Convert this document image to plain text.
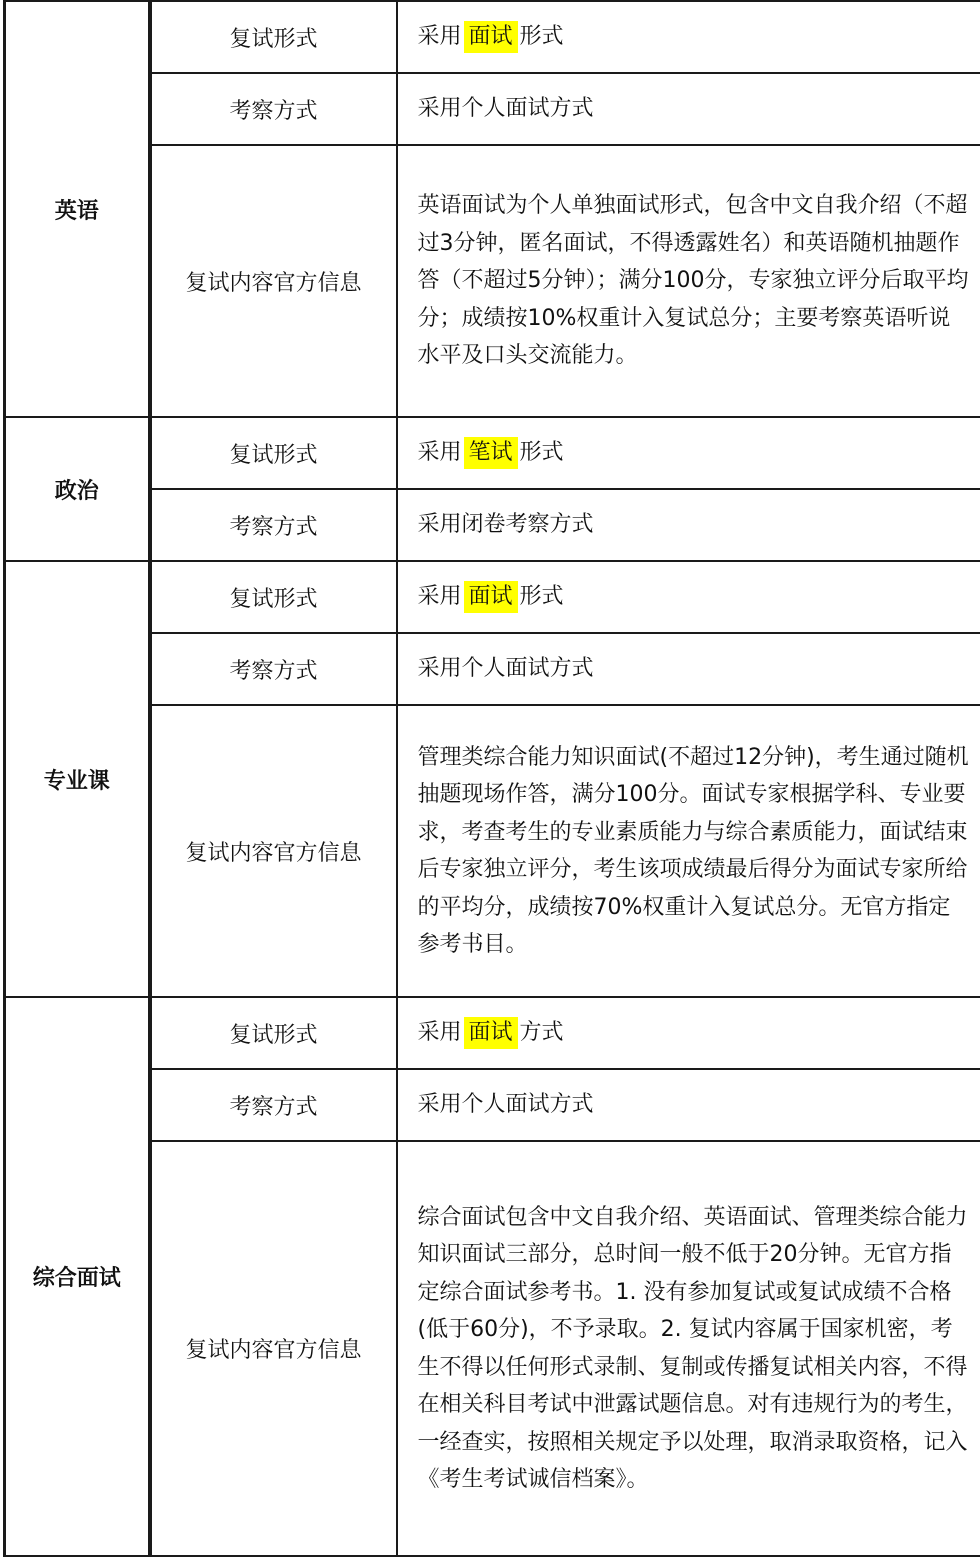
英语	复试形式	采用 面试 形式
	考察方式	采用个人面试方式
	复试内容官方信息	英语面试为个人单独面试形式，包含中文自我介绍（不超过3分钟，匿名面试，不得透露姓名）和英语随机抽题作答（不超过5分钟）；满分100分，专家独立评分后取平均分；成绩按10%权重计入复试总分；主要考察英语听说水平及口头交流能力。
政治	复试形式	采用 笔试 形式
	考察方式	采用闭卷考察方式
专业课	复试形式	采用 面试 形式
	考察方式	采用个人面试方式
	复试内容官方信息	管理类综合能力知识面试(不超过12分钟)，考生通过随机抽题现场作答，满分100分。面试专家根据学科、专业要求，考查考生的专业素质能力与综合素质能力，面试结束后专家独立评分，考生该项成绩最后得分为面试专家所给的平均分，成绩按70%权重计入复试总分。无官方指定参考书目。
综合面试	复试形式	采用 面试 方式
	考察方式	采用个人面试方式
	复试内容官方信息	综合面试包含中文自我介绍、英语面试、管理类综合能力知识面试三部分，总时间一般不低于20分钟。无官方指定综合面试参考书。1. 没有参加复试或复试成绩不合格(低于60分)，不予录取。2. 复试内容属于国家机密，考生不得以任何形式录制、复制或传播复试相关内容，不得在相关科目考试中泄露试题信息。对有违规行为的考生，一经查实，按照相关规定予以处理，取消录取资格，记入《考生考试诚信档案》。
